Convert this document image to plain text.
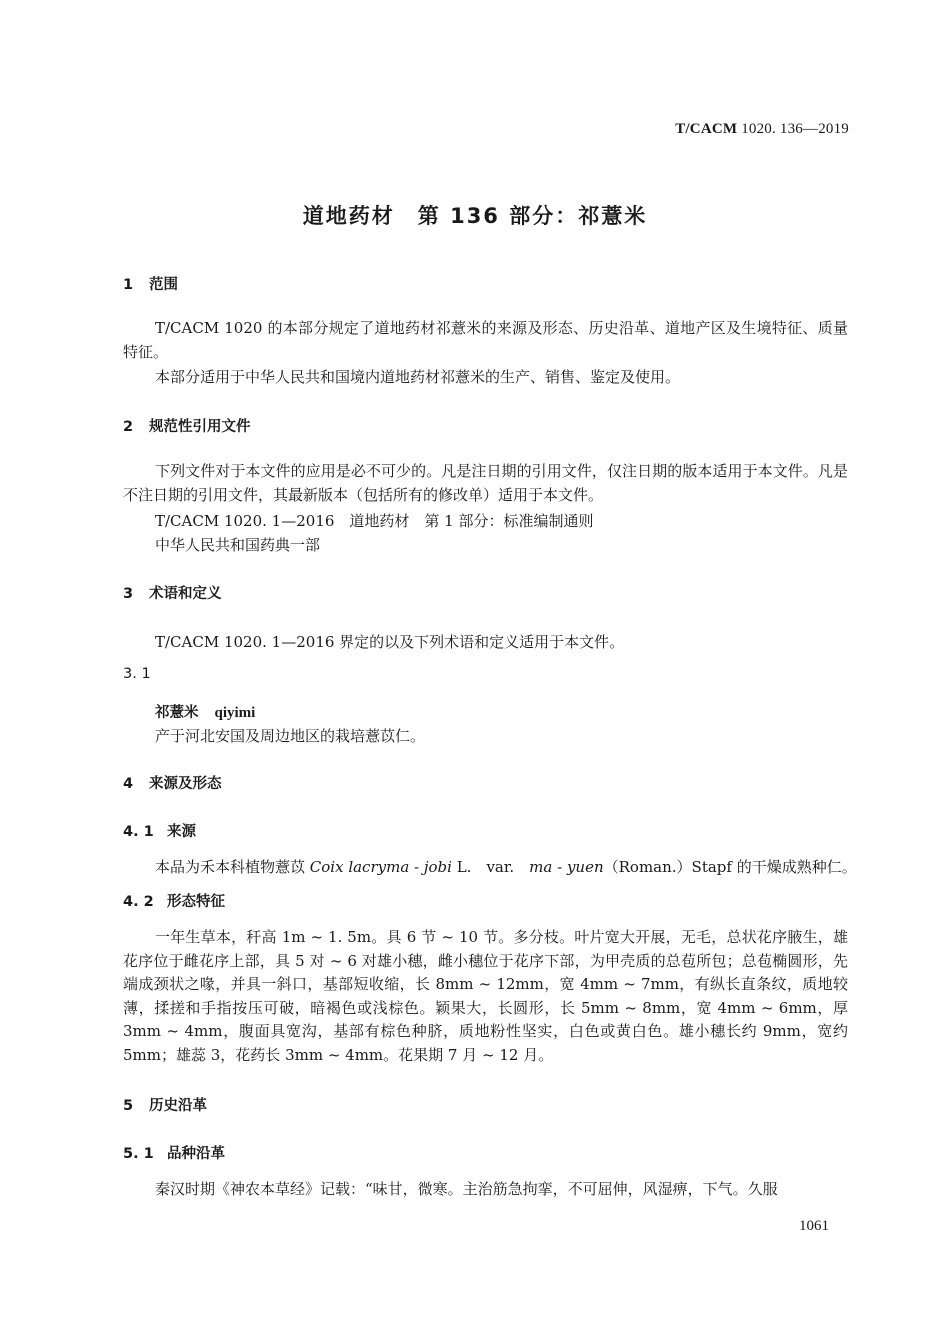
T/CACM 1020. 136—2019
道地药材　第 136 部分：祁薏米
1 范围
T/CACM 1020 的本部分规定了道地药材祁薏米的来源及形态、历史沿革、道地产区及生境特征、质量特征。
本部分适用于中华人民共和国境内道地药材祁薏米的生产、销售、鉴定及使用。
2 规范性引用文件
下列文件对于本文件的应用是必不可少的。凡是注日期的引用文件，仅注日期的版本适用于本文件。凡是不注日期的引用文件，其最新版本（包括所有的修改单）适用于本文件。
T/CACM 1020. 1—2016　道地药材　第 1 部分：标准编制通则
中华人民共和国药典一部
3 术语和定义
T/CACM 1020. 1—2016 界定的以及下列术语和定义适用于本文件。
3. 1
祁薏米 qiyimi
产于河北安国及周边地区的栽培薏苡仁。
4 来源及形态
4. 1 来源
本品为禾本科植物薏苡 Coix lacryma - jobi L.　var.　ma - yuen（Roman.）Stapf 的干燥成熟种仁。
4. 2 形态特征
一年生草本，秆高 1m ~ 1. 5m。具 6 节 ~ 10 节。多分枝。叶片宽大开展，无毛，总状花序腋生，雄花序位于雌花序上部，具 5 对 ~ 6 对雄小穗，雌小穗位于花序下部，为甲壳质的总苞所包；总苞椭圆形，先端成颈状之喙，并具一斜口，基部短收缩，长 8mm ~ 12mm，宽 4mm ~ 7mm，有纵长直条纹，质地较薄，揉搓和手指按压可破，暗褐色或浅棕色。颖果大，长圆形，长 5mm ~ 8mm，宽 4mm ~ 6mm，厚 3mm ~ 4mm，腹面具宽沟，基部有棕色种脐，质地粉性坚实，白色或黄白色。雄小穗长约 9mm，宽约 5mm；雄蕊 3，花药长 3mm ~ 4mm。花果期 7 月 ~ 12 月。
5 历史沿革
5. 1 品种沿革
秦汉时期《神农本草经》记载：“味甘，微寒。主治筋急拘挛，不可屈伸，风湿痹，下气。久服
1061
